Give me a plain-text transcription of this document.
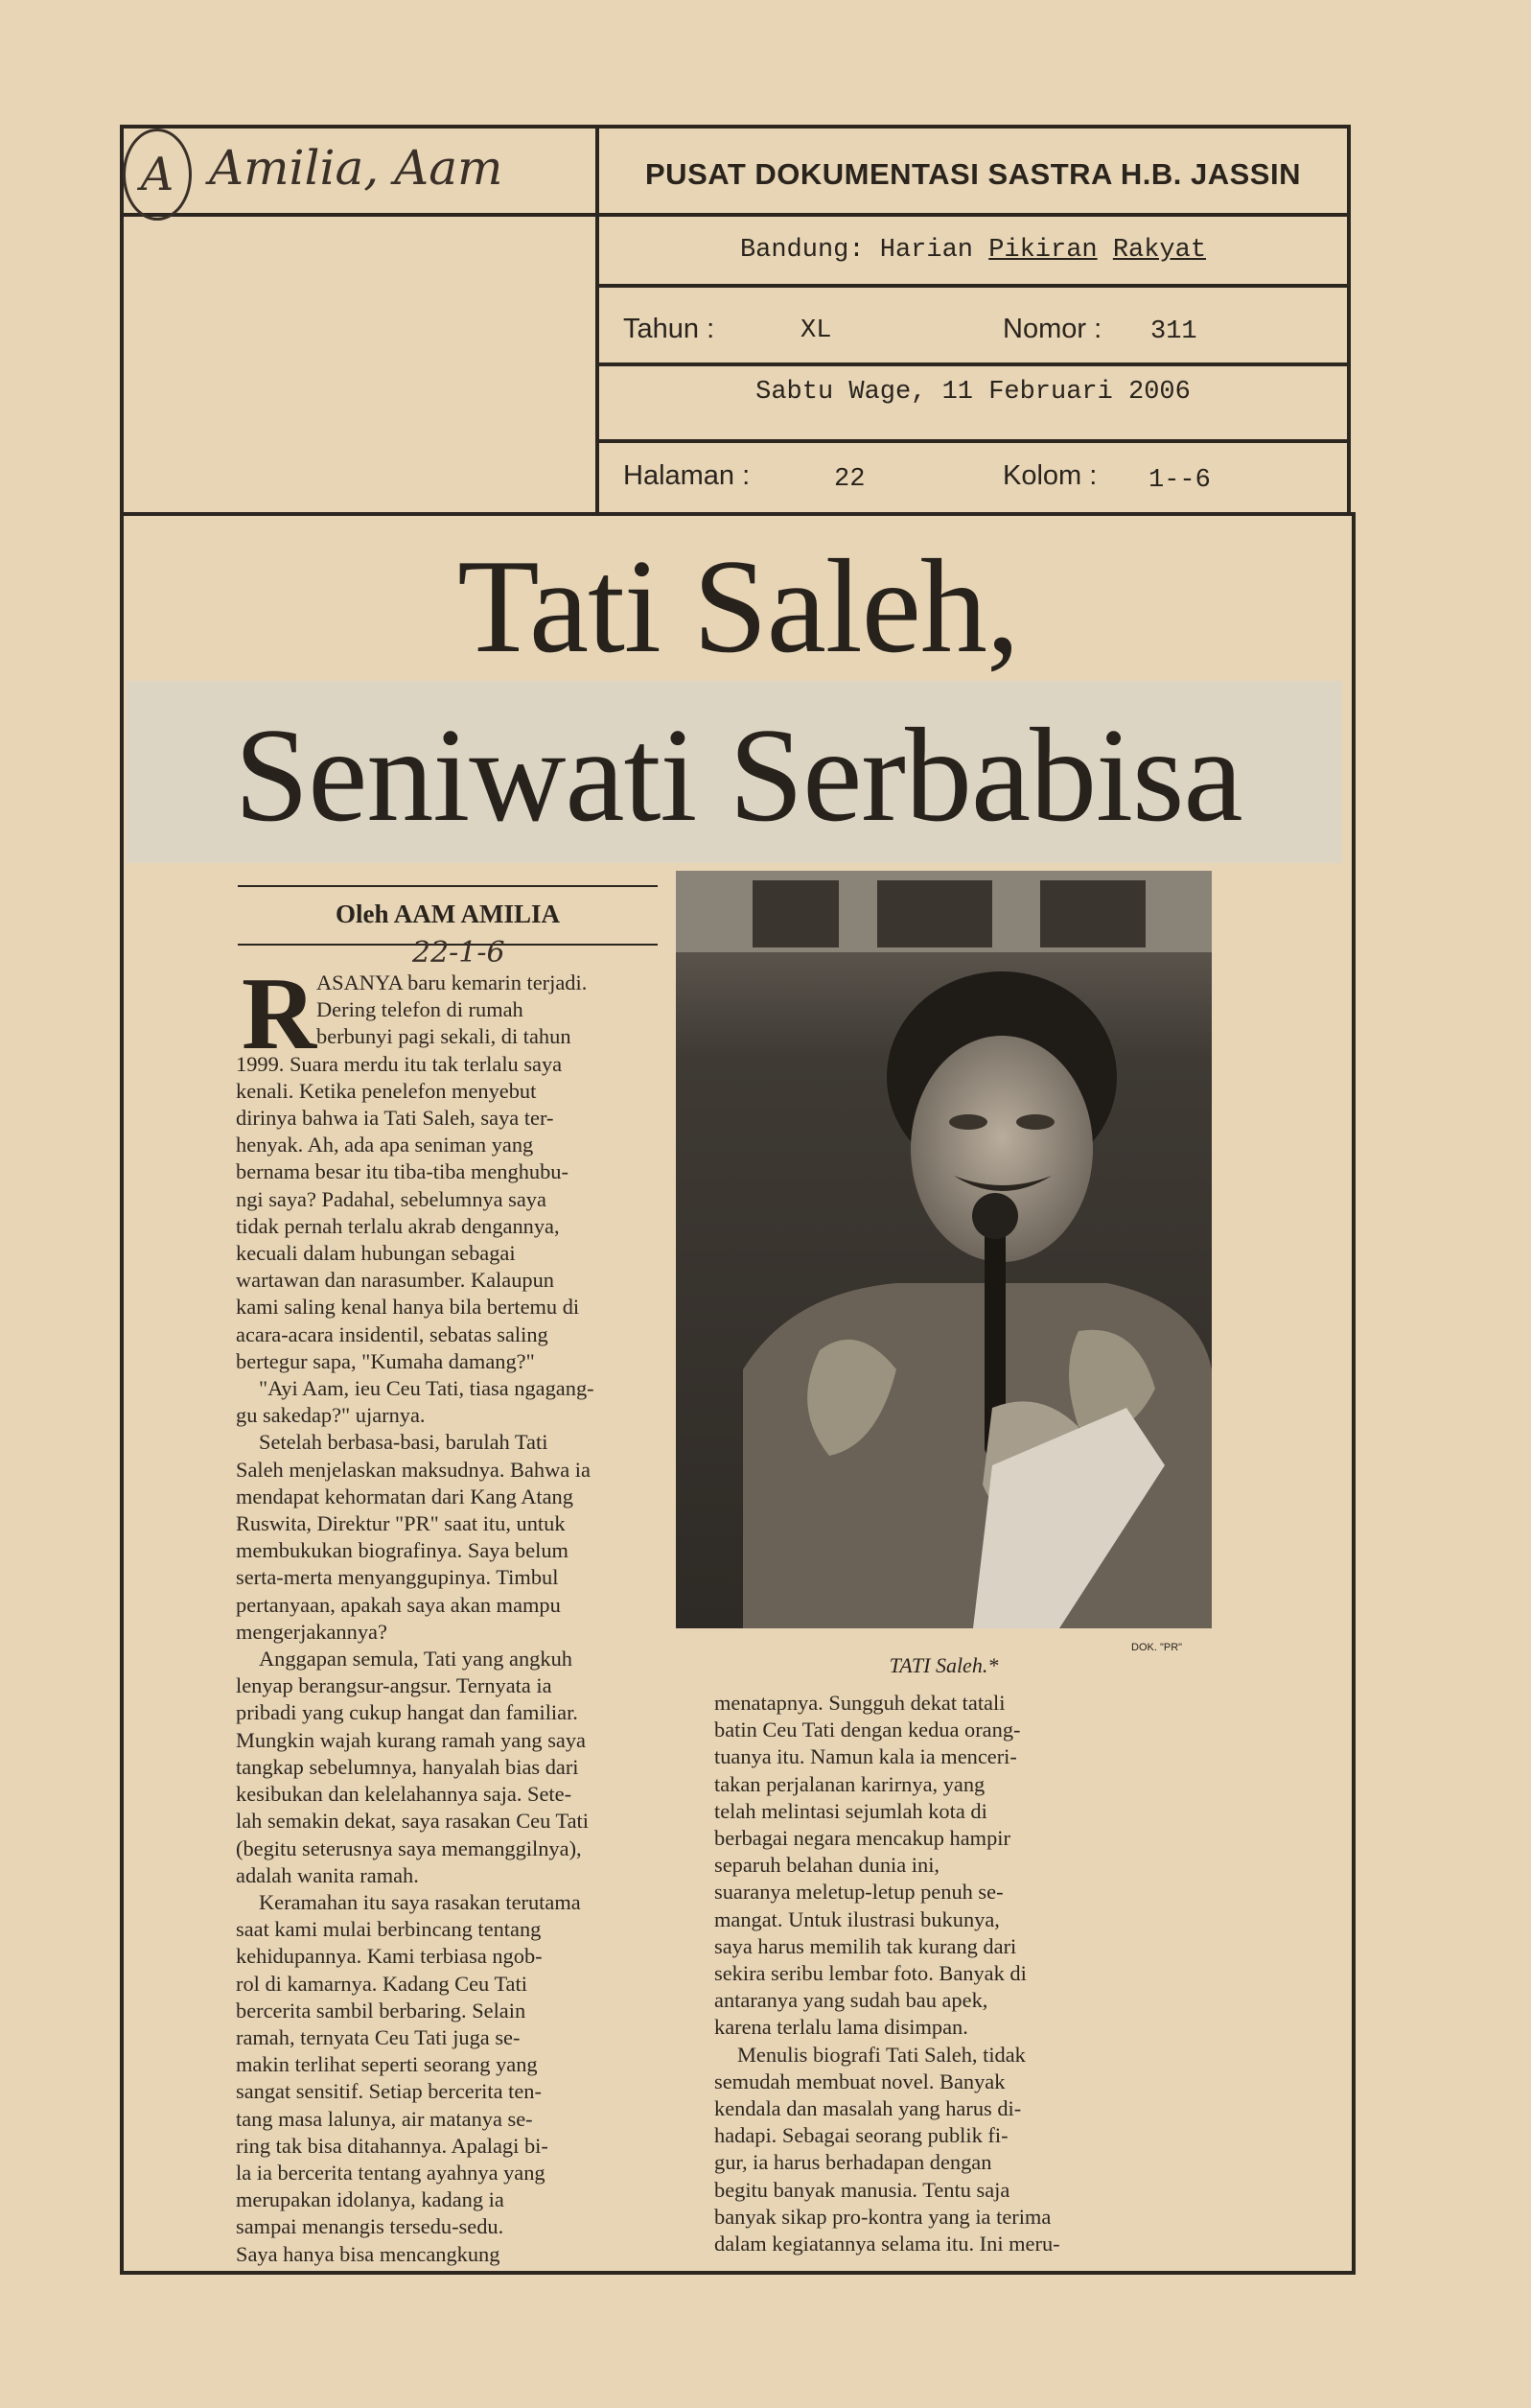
A Amilia, Aam	PUSAT DOKUMENTASI SASTRA H.B. JASSIN
Bandung: Harian Pikiran Rakyat
Tahun :	XL	Nomor : 311
Sabtu Wage, 11 Februari 2006
Halaman :	22	Kolom : 1--6
Tati Saleh,
Seniwati Serbabisa
Oleh AAM AMILIA
22-1-6
R ASANYA baru kemarin terjadi.
Dering telefon di rumah
berbunyi pagi sekali, di tahun
1999. Suara merdu itu tak terlalu saya
kenali. Ketika penelefon menyebut
dirinya bahwa ia Tati Saleh, saya ter-
henyak. Ah, ada apa seniman yang
bernama besar itu tiba-tiba menghubu-
ngi saya? Padahal, sebelumnya saya
tidak pernah terlalu akrab dengannya,
kecuali dalam hubungan sebagai
wartawan dan narasumber. Kalaupun
kami saling kenal hanya bila bertemu di
acara-acara insidentil, sebatas saling
bertegur sapa, "Kumaha damang?"
"Ayi Aam, ieu Ceu Tati, tiasa ngagang-
gu sakedap?" ujarnya.
Setelah berbasa-basi, barulah Tati
Saleh menjelaskan maksudnya. Bahwa ia
mendapat kehormatan dari Kang Atang
Ruswita, Direktur "PR" saat itu, untuk
membukukan biografinya. Saya belum
serta-merta menyanggupinya. Timbul
pertanyaan, apakah saya akan mampu
mengerjakannya?
Anggapan semula, Tati yang angkuh
lenyap berangsur-angsur. Ternyata ia
pribadi yang cukup hangat dan familiar.
Mungkin wajah kurang ramah yang saya
tangkap sebelumnya, hanyalah bias dari
kesibukan dan kelelahannya saja. Sete-
lah semakin dekat, saya rasakan Ceu Tati
(begitu seterusnya saya memanggilnya),
adalah wanita ramah.
Keramahan itu saya rasakan terutama
saat kami mulai berbincang tentang
kehidupannya. Kami terbiasa ngob-
rol di kamarnya. Kadang Ceu Tati
bercerita sambil berbaring. Selain
ramah, ternyata Ceu Tati juga se-
makin terlihat seperti seorang yang
sangat sensitif. Setiap bercerita ten-
tang masa lalunya, air matanya se-
ring tak bisa ditahannya. Apalagi bi-
la ia bercerita tentang ayahnya yang
merupakan idolanya, kadang ia
sampai menangis tersedu-sedu.
Saya hanya bisa mencangkung
DOK. "PR"
TATI Saleh.*
menatapnya. Sungguh dekat tatali
batin Ceu Tati dengan kedua orang-
tuanya itu. Namun kala ia menceri-
takan perjalanan karirnya, yang
telah melintasi sejumlah kota di
berbagai negara mencakup hampir
separuh belahan dunia ini,
suaranya meletup-letup penuh se-
mangat. Untuk ilustrasi bukunya,
saya harus memilih tak kurang dari
sekira seribu lembar foto. Banyak di
antaranya yang sudah bau apek,
karena terlalu lama disimpan.
Menulis biografi Tati Saleh, tidak
semudah membuat novel. Banyak
kendala dan masalah yang harus di-
hadapi. Sebagai seorang publik fi-
gur, ia harus berhadapan dengan
begitu banyak manusia. Tentu saja
banyak sikap pro-kontra yang ia terima
dalam kegiatannya selama itu. Ini meru-
